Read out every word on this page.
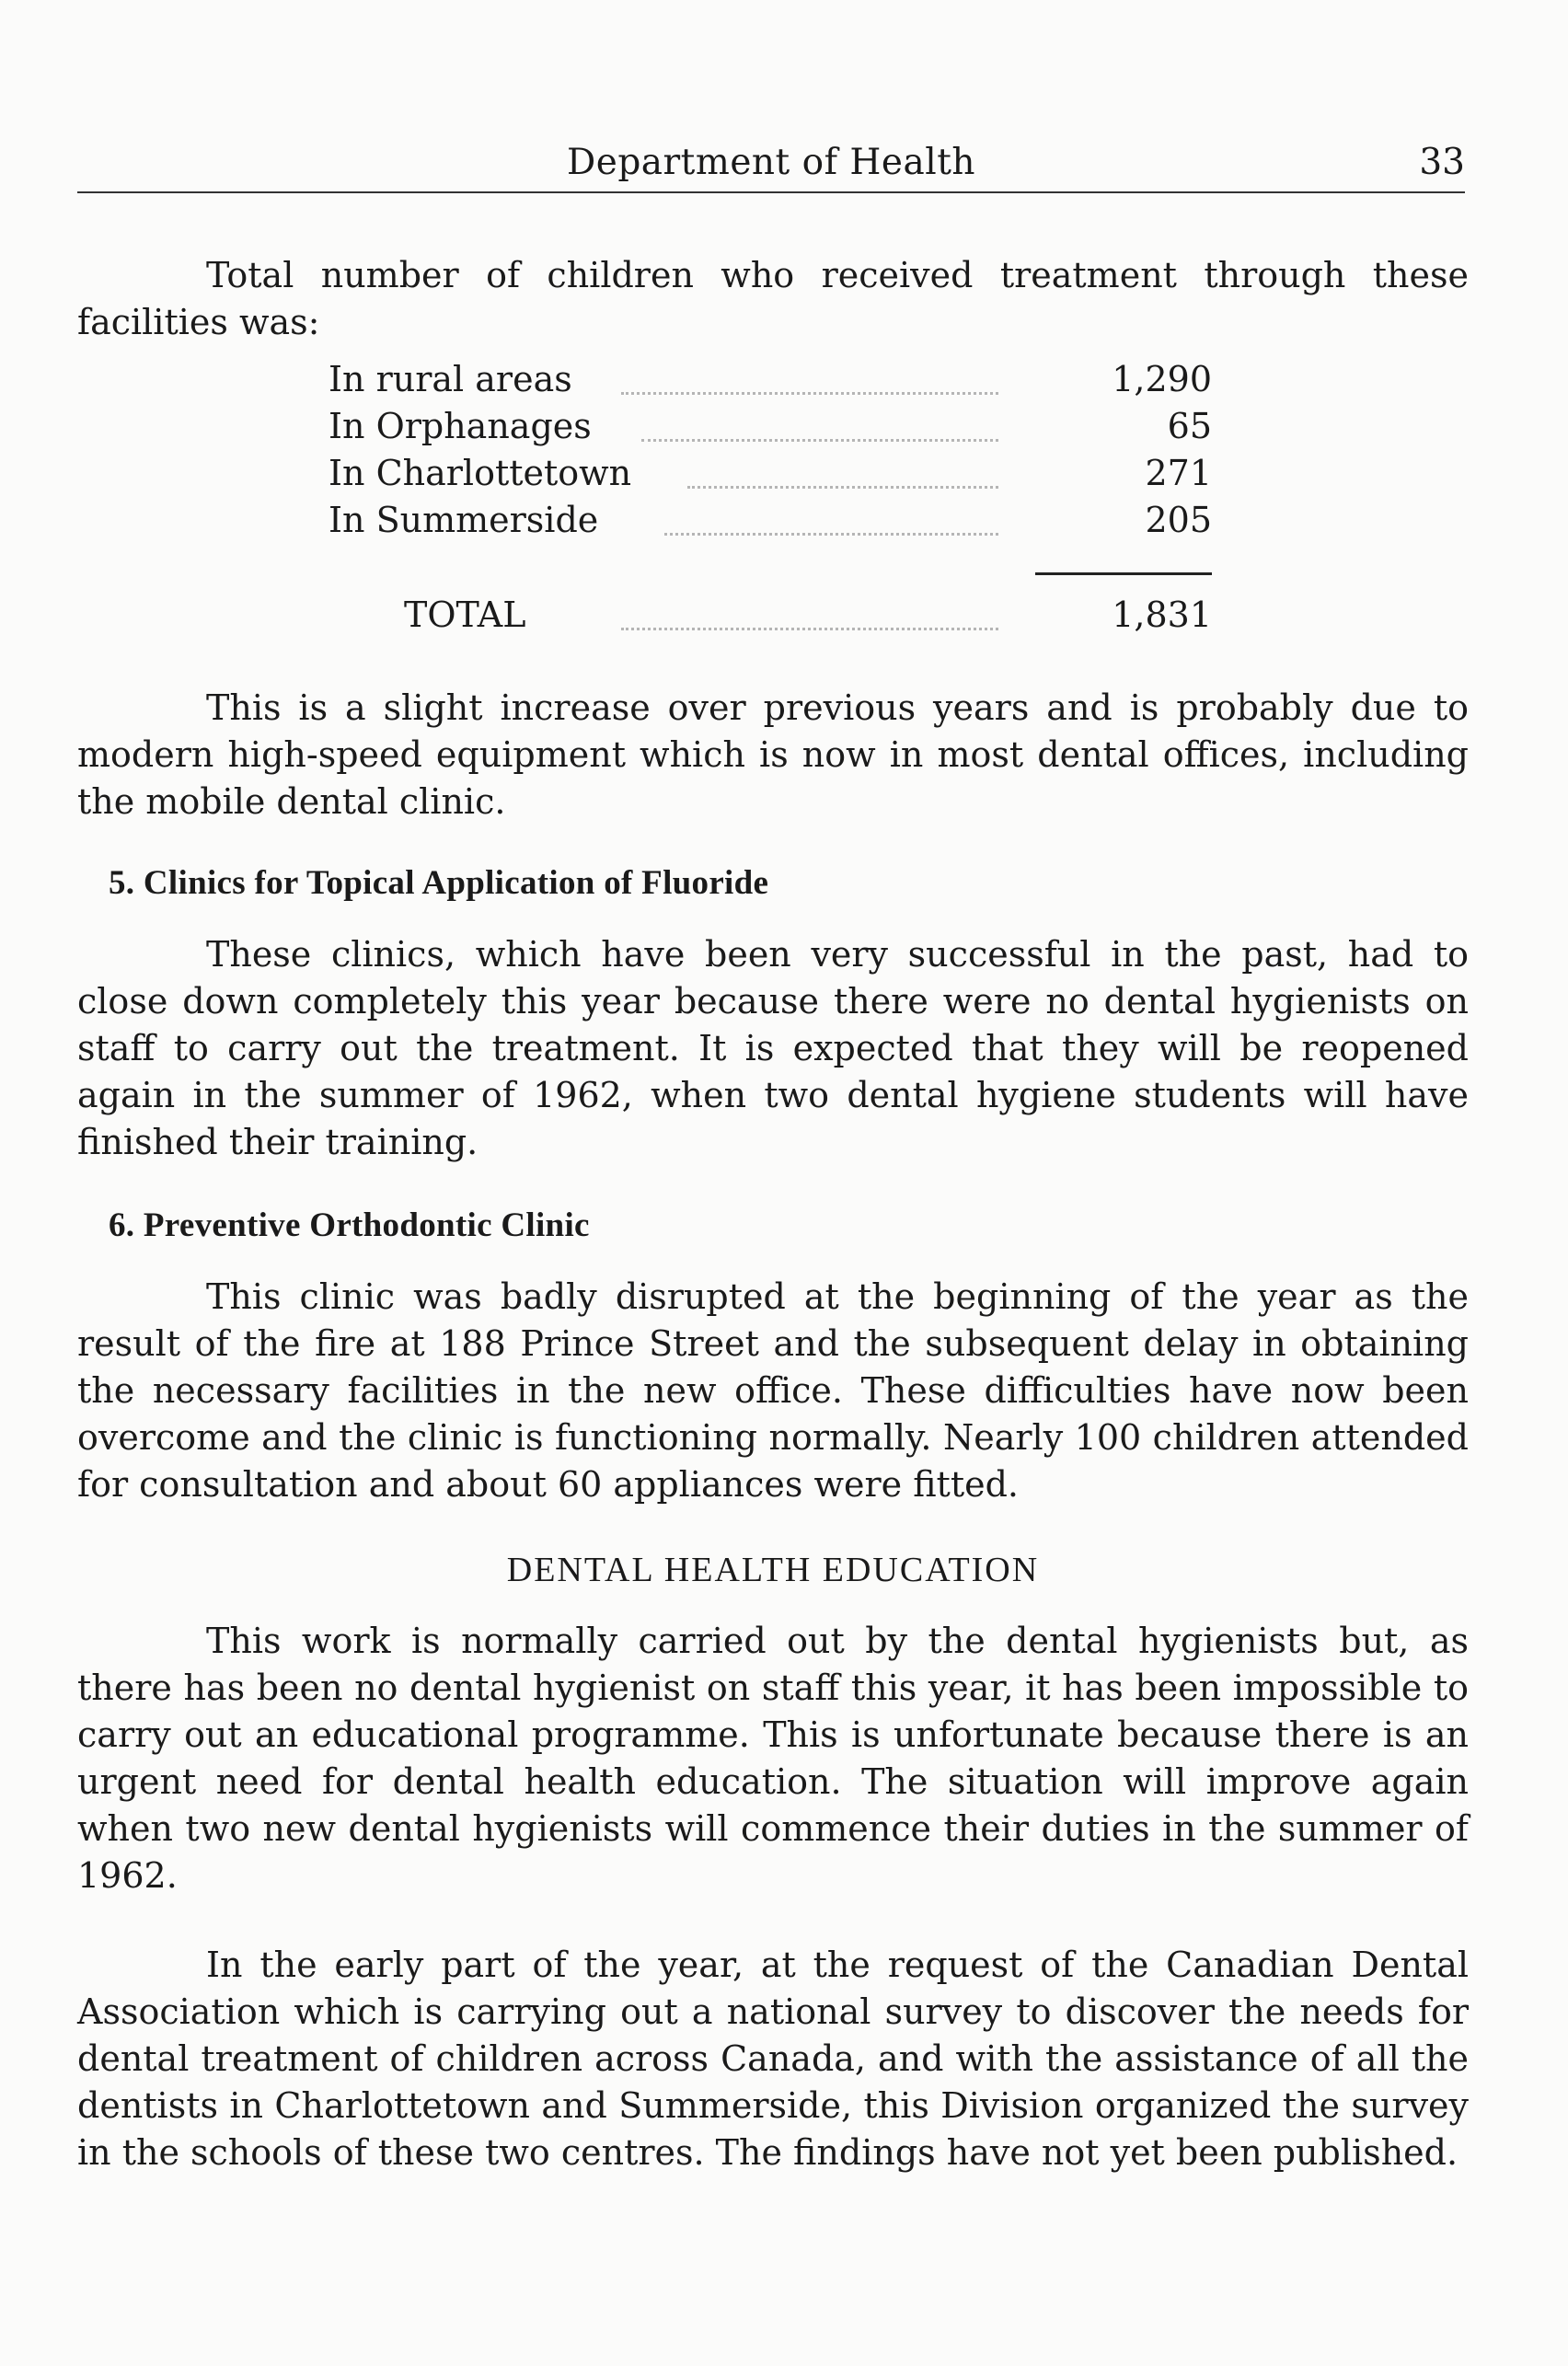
Department of Health	33

Total number of children who received treatment through these facilities was:

In rural areas	1,290
In Orphanages	65
In Charlottetown	271
In Summerside	205
TOTAL	1,831

This is a slight increase over previous years and is probably due to modern high-speed equipment which is now in most dental offices, including the mobile dental clinic.

5. Clinics for Topical Application of Fluoride

These clinics, which have been very successful in the past, had to close down completely this year because there were no dental hygienists on staff to carry out the treatment. It is expected that they will be reopened again in the summer of 1962, when two dental hygiene students will have finished their training.

6. Preventive Orthodontic Clinic

This clinic was badly disrupted at the beginning of the year as the result of the fire at 188 Prince Street and the subsequent delay in obtaining the necessary facilities in the new office. These difficulties have now been overcome and the clinic is functioning normally. Nearly 100 children attended for consultation and about 60 appliances were fitted.

DENTAL HEALTH EDUCATION

This work is normally carried out by the dental hygienists but, as there has been no dental hygienist on staff this year, it has been impossible to carry out an educational programme. This is unfortunate because there is an urgent need for dental health education. The situation will improve again when two new dental hygienists will commence their duties in the summer of 1962.

In the early part of the year, at the request of the Canadian Dental Association which is carrying out a national survey to discover the needs for dental treatment of children across Canada, and with the assistance of all the dentists in Charlottetown and Summerside, this Division organized the survey in the schools of these two centres. The findings have not yet been published.
